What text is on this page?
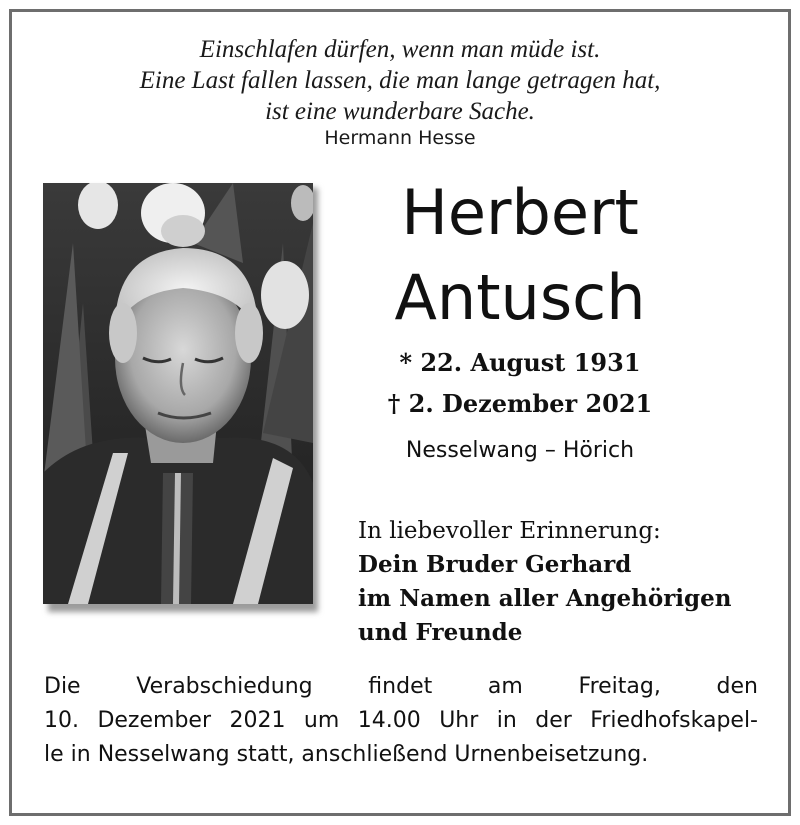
Einschlafen dürfen, wenn man müde ist.
Eine Last fallen lassen, die man lange getragen hat,
ist eine wunderbare Sache.
Hermann Hesse
Herbert
Antusch
* 22. August 1931
† 2. Dezember 2021
Nesselwang – Hörich
In liebevoller Erinnerung:
Dein Bruder Gerhard
im Namen aller Angehörigen
und Freunde
Die Verabschiedung findet am Freitag, den
10. Dezember 2021 um 14.00 Uhr in der Friedhofskapel-
le in Nesselwang statt, anschließend Urnenbeisetzung.
